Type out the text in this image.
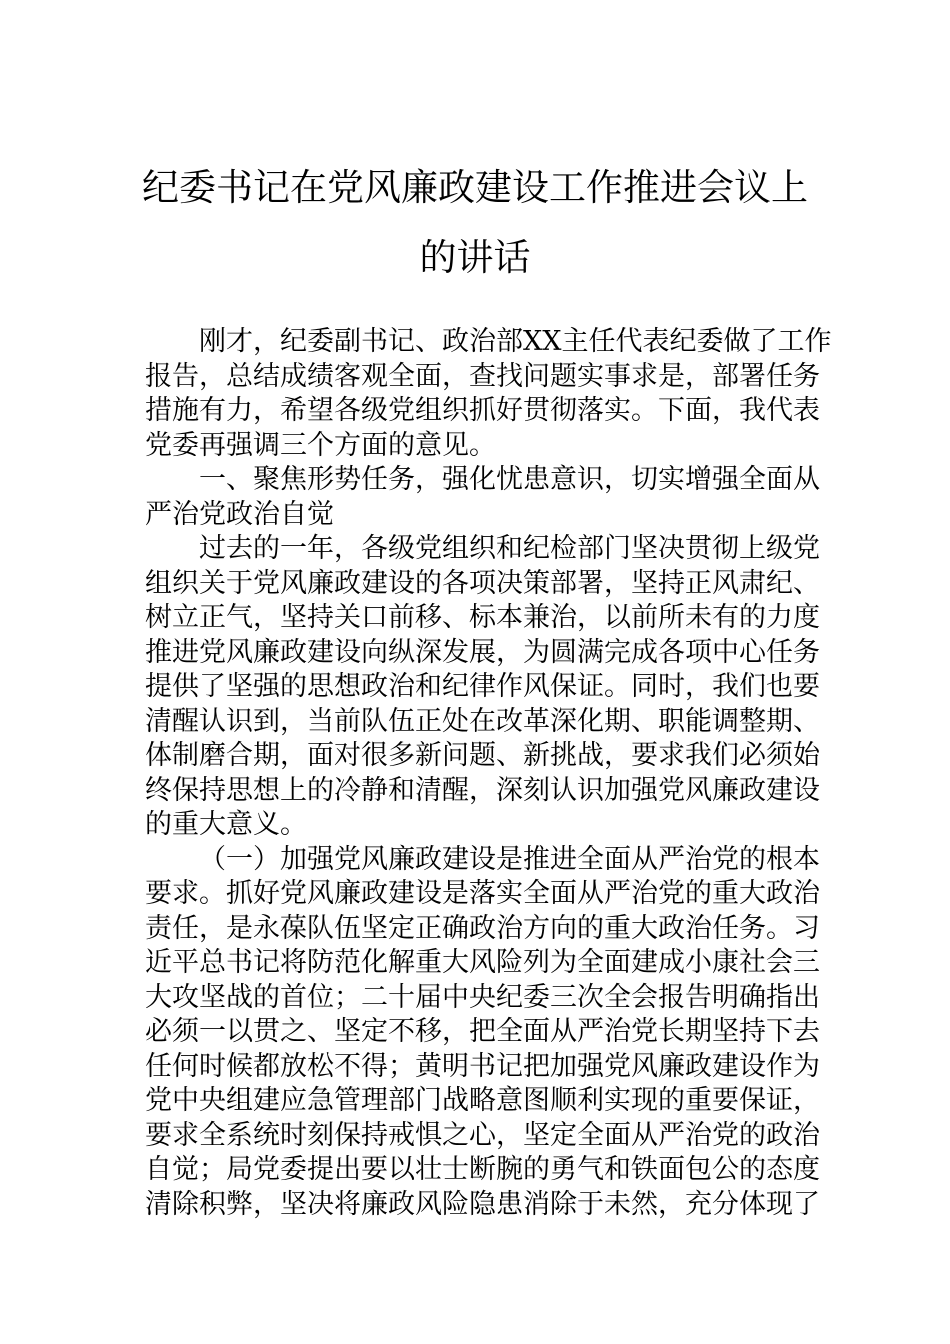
纪委书记在党风廉政建设工作推进会议上
的讲话

刚才，纪委副书记、政治部XX主任代表纪委做了工作
报告，总结成绩客观全面，查找问题实事求是，部署任务
措施有力，希望各级党组织抓好贯彻落实。下面，我代表
党委再强调三个方面的意见。

一、聚焦形势任务，强化忧患意识，切实增强全面从
严治党政治自觉

过去的一年，各级党组织和纪检部门坚决贯彻上级党
组织关于党风廉政建设的各项决策部署，坚持正风肃纪、
树立正气，坚持关口前移、标本兼治，以前所未有的力度
推进党风廉政建设向纵深发展，为圆满完成各项中心任务
提供了坚强的思想政治和纪律作风保证。同时，我们也要
清醒认识到，当前队伍正处在改革深化期、职能调整期、
体制磨合期，面对很多新问题、新挑战，要求我们必须始
终保持思想上的冷静和清醒，深刻认识加强党风廉政建设
的重大意义。

（一）加强党风廉政建设是推进全面从严治党的根本
要求。抓好党风廉政建设是落实全面从严治党的重大政治
责任，是永葆队伍坚定正确政治方向的重大政治任务。习
近平总书记将防范化解重大风险列为全面建成小康社会三
大攻坚战的首位；二十届中央纪委三次全会报告明确指出
必须一以贯之、坚定不移，把全面从严治党长期坚持下去
任何时候都放松不得；黄明书记把加强党风廉政建设作为
党中央组建应急管理部门战略意图顺利实现的重要保证，
要求全系统时刻保持戒惧之心，坚定全面从严治党的政治
自觉；局党委提出要以壮士断腕的勇气和铁面包公的态度
清除积弊，坚决将廉政风险隐患消除于未然，充分体现了
